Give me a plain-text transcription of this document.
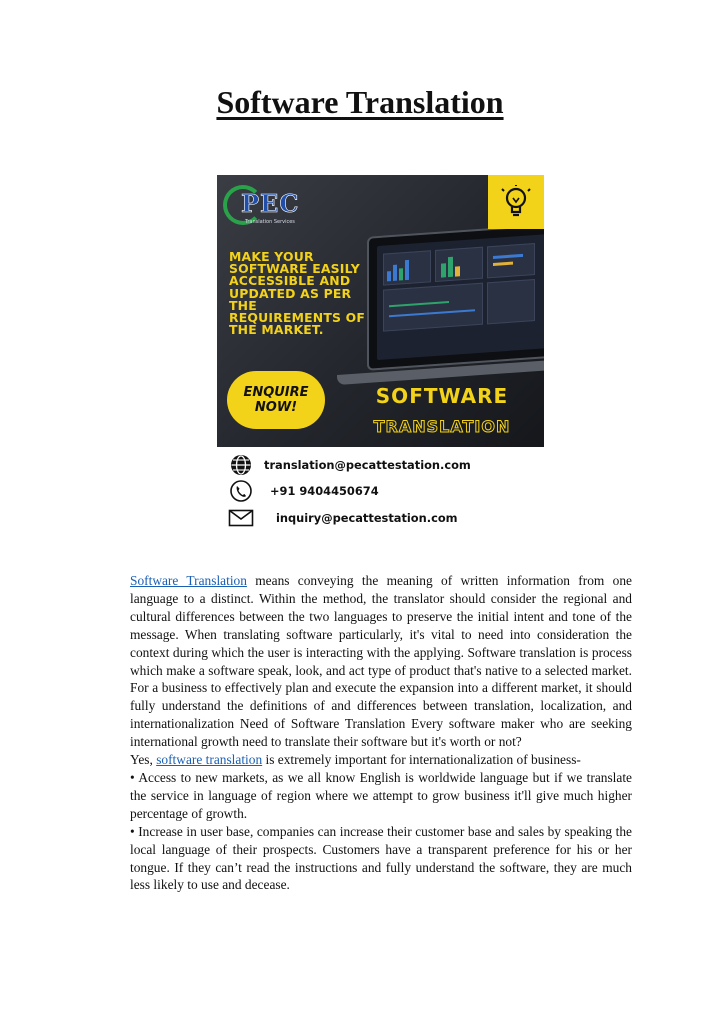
Software Translation
PEC
Translation Services
MAKE YOUR SOFTWARE EASILY ACCESSIBLE AND UPDATED AS PER THE REQUIREMENTS OF THE MARKET.
ENQUIRE
NOW!	SOFTWARE
TRANSLATION
translation@pecattestation.com
+91 9404450674
inquiry@pecattestation.com

Software Translation means conveying the meaning of written information from one language to a distinct. Within the method, the translator should consider the regional and cultural differences between the two languages to preserve the initial intent and tone of the message. When translating software particularly, it's vital to need into consideration the context during which the user is interacting with the applying. Software translation is process which make a software speak, look, and act type of product that's native to a selected market. For a business to effectively plan and execute the expansion into a different market, it should fully understand the definitions of and differences between translation, localization, and internationalization Need of Software Translation Every software maker who are seeking international growth need to translate their software but it's worth or not?

Yes, software translation is extremely important for internationalization of business-

• Access to new markets, as we all know English is worldwide language but if we translate the service in language of region where we attempt to grow business it'll give much higher percentage of growth.

• Increase in user base, companies can increase their customer base and sales by speaking the local language of their prospects. Customers have a transparent preference for his or her tongue. If they can’t read the instructions and fully understand the software, they are much less likely to use and decease.
